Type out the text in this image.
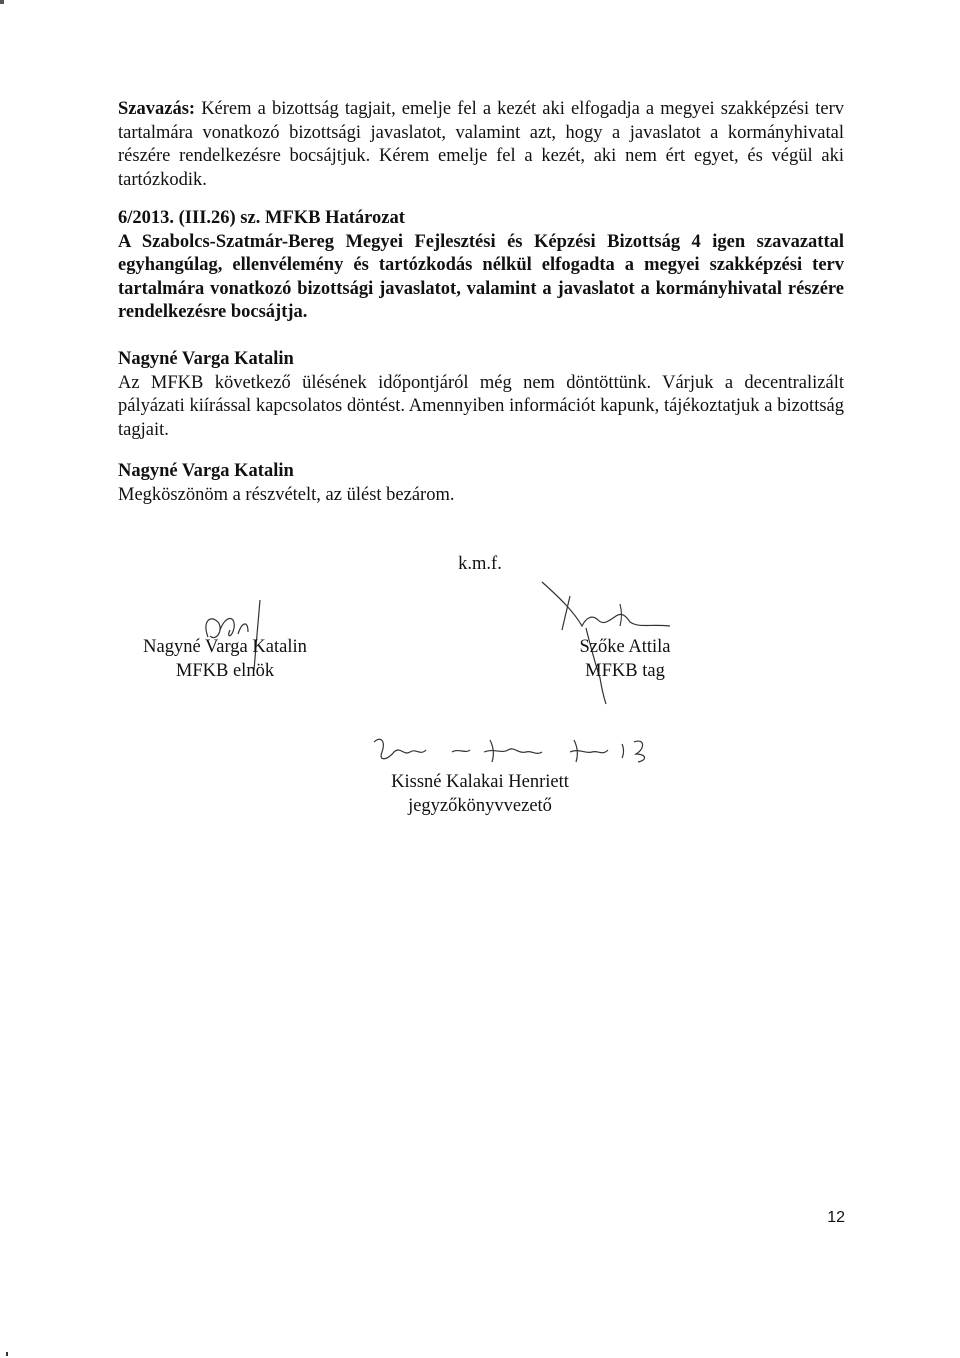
Szavazás: Kérem a bizottság tagjait, emelje fel a kezét aki elfogadja a megyei szakképzési terv tartalmára vonatkozó bizottsági javaslatot, valamint azt, hogy a javaslatot a kormányhivatal részére rendelkezésre bocsájtjuk. Kérem emelje fel a kezét, aki nem ért egyet, és végül aki tartózkodik.
6/2013. (III.26) sz. MFKB Határozat
A Szabolcs-Szatmár-Bereg Megyei Fejlesztési és Képzési Bizottság 4 igen szavazattal egyhangúlag, ellenvélemény és tartózkodás nélkül elfogadta a megyei szakképzési terv tartalmára vonatkozó bizottsági javaslatot, valamint a javaslatot a kormányhivatal részére rendelkezésre bocsájtja.
Nagyné Varga Katalin
Az MFKB következő ülésének időpontjáról még nem döntöttünk. Várjuk a decentralizált pályázati kiírással kapcsolatos döntést. Amennyiben információt kapunk, tájékoztatjuk a bizottság tagjait.
Nagyné Varga Katalin
Megköszönöm a részvételt, az ülést bezárom.
k.m.f.
Nagyné Varga Katalin
MFKB elnök
Szőke Attila
MFKB tag
Kissné Kalakai Henriett
jegyzőkönyvvezető
12
